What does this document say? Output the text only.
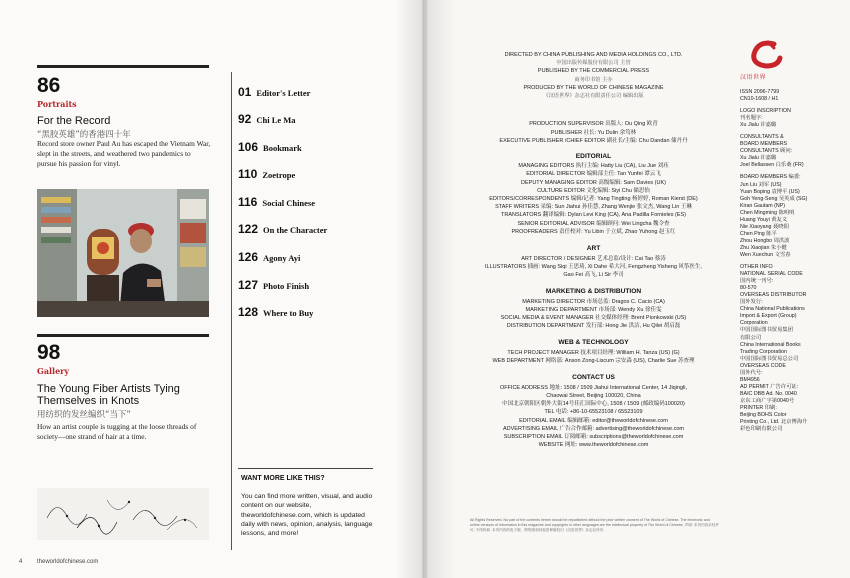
86
Portraits
For the Record
“黑胶英雄”的香港四十年
Record store owner Paul Au has escaped the Vietnam War, slept in the streets, and weathered two pandemics to pursue his passion for vinyl.
98
Gallery
The Young Fiber Artists Tying Themselves in Knots
用纺织的发丝编织“当下”
How an artist couple is tugging at the loose threads of society—one strand of hair at a time.
4 theworldofchinese.com
01 Editor's Letter
92 Chi Le Ma
106 Bookmark
110 Zoetrope
116 Social Chinese
122 On the Character
126 Agony Ayi
127 Photo Finish
128 Where to Buy
WANT MORE LIKE THIS?
You can find more written, visual, and audio content on our website, theworldofchinese.com, which is updated daily with news, opinion, analysis, language lessons, and more!
DIRECTED BY CHINA PUBLISHING AND MEDIA HOLDINGS CO., LTD.
中国出版传媒股份有限公司 主管
PUBLISHED BY THE COMMERCIAL PRESS
商务印书馆 主办
PRODUCED BY THE WORLD OF CHINESE MAGAZINE
《汉语世界》杂志社有限责任公司 编辑出版
PRODUCTION SUPERVISOR 出版人: Ou Qing 欧青
PUBLISHER 社长: Yu Dulin 余笃林
EXECUTIVE PUBLISHER /CHIEF EDITOR 副社长/主编: Chu Dandan 储丹丹
EDITORIAL
MANAGING EDITORS 执行主编: Hatty Liu (CA), Liu Jue 刘珏
EDITORIAL DIRECTOR 编辑部主任: Tan Yunfei 谭云飞
DEPUTY MANAGING EDITOR 高级编辑: Sam Davies (UK)
CULTURE EDITOR 文化编辑: Siyi Chu 储思怡
EDITORS/CORRESPONDENTS 编辑/记者: Yang Tingting 杨婷婷, Roman Kierst (DE)
STAFF WRITERS 采编: Sun Jiahui 孙佳慧, Zhang Wenjie 张文杰, Wang Lin 王琳
TRANSLATORS 翻译编辑: Dylan Levi King (CA), Ana Padilla Fornieles (ES)
SENIOR EDITORIAL ADVISOR 编辑顾问: Wei Lingcha 魏令查
PROOFREADERS 责任校对: Yu Libin 于立斌, Zhao Yuhong 赵玉红
ART
ART DIRECTOR / DESIGNER 艺术总监/设计: Cai Tao 蔡涛
ILLUSTRATORS 插画: Wang Siqi 王思琦, Xi Dahe 希大河, Fengzheng Yisheng 风筝医生,
Gao Fei 高飞, Li Sir 李司
MARKETING & DISTRIBUTION
MARKETING DIRECTOR 市场总监: Dragos C. Cacio (CA)
MARKETING DEPARTMENT 市场部: Wendy Xu 徐佳雯
SOCIAL MEDIA & EVENT MANAGER 社交媒体经理: Brent Pionkowski (US)
DISTRIBUTION DEPARTMENT 发行部: Hong Jie 洪洁, Hu Qilei 胡启磊
WEB & TECHNOLOGY
TECH PROJECT MANAGER 技术项目经理: William H. Tanza (US) (G)
WEB DEPARTMENT 网络部: Anson Zong-Liscum 宗安森 (US), Charlie Sue 苏查理
CONTACT US
OFFICE ADDRESS 地址: 1508 / 1509 Jiahui International Center, 14 Jiqingli,
Chaowai Street, Beijing 100020, China
中国北京朝阳区朝外大街14号佳汇国际中心, 1508 / 1509 (邮政编码100020)
TEL 电话: +86-10-65523108 / 65523109
EDITORIAL EMAIL 编辑邮箱: editor@theworldofchinese.com
ADVERTISING EMAIL 广告合作邮箱: advertising@theworldofchinese.com
SUBSCRIPTION EMAIL 订阅邮箱: subscriptions@theworldofchinese.com
WEBSITE 网址: www.theworldofchinese.com
汉语世界
ISSN 2096-7799
CN10-1608 / H1
LOGO INSCRIPTION
刊名题字:
Xu Jialu 许嘉璐
CONSULTANTS &
BOARD MEMBERS
CONSULTANTS 顾问:
Xu Jialu 许嘉璐
Joel Bellassen 白乐桑 (FR)
BOARD MEMBERS 编委:
Jun Liu 刘军 (US)
Yuan Boping 袁博平 (US)
Goh Yeng-Seng 吴英成 (SG)
Kiran Gautam (NP)
Chen Mingming 陈明明
Huang Youyi 黄友义
Nie Xiaoyang 聂晓阳
Chen Ping 陈平
Zhou Hongbo 周洪波
Zhu Xiaojian 朱小健
Wen Xuechun 文雪春
OTHER INFO
NATIONAL SERIAL CODE
国内统一刊号:
80-570
OVERSEAS DISTRIBUTOR
国外发行:
China National Publications
Import & Export (Group)
Corporation
中国国际图书贸易集团
有限公司
China International Books
Trading Corporation
中国国际图书贸易总公司
OVERSEAS CODE
国外代号:
BM4956
AD PERMIT 广告许可证:
BAIC DBB Ad. No. 0040
京东工商广字第0040号
PRINTER 印刷:
Beijing BOHS Color
Printing Co., Ltd. 北京博海升
彩色印刷有限公司
All Rights Reserved. No part of the contents herein should be republished without the prior written consent of The World of Chinese. The electronic and online versions of information in this magazine and copyrights in other languages are the intellectual property of The World of Chinese. 声明: 本刊内容未经许可, 不得转载. 本刊内容的电子版、网络版和其他语种版权归《汉语世界》杂志社所有.
